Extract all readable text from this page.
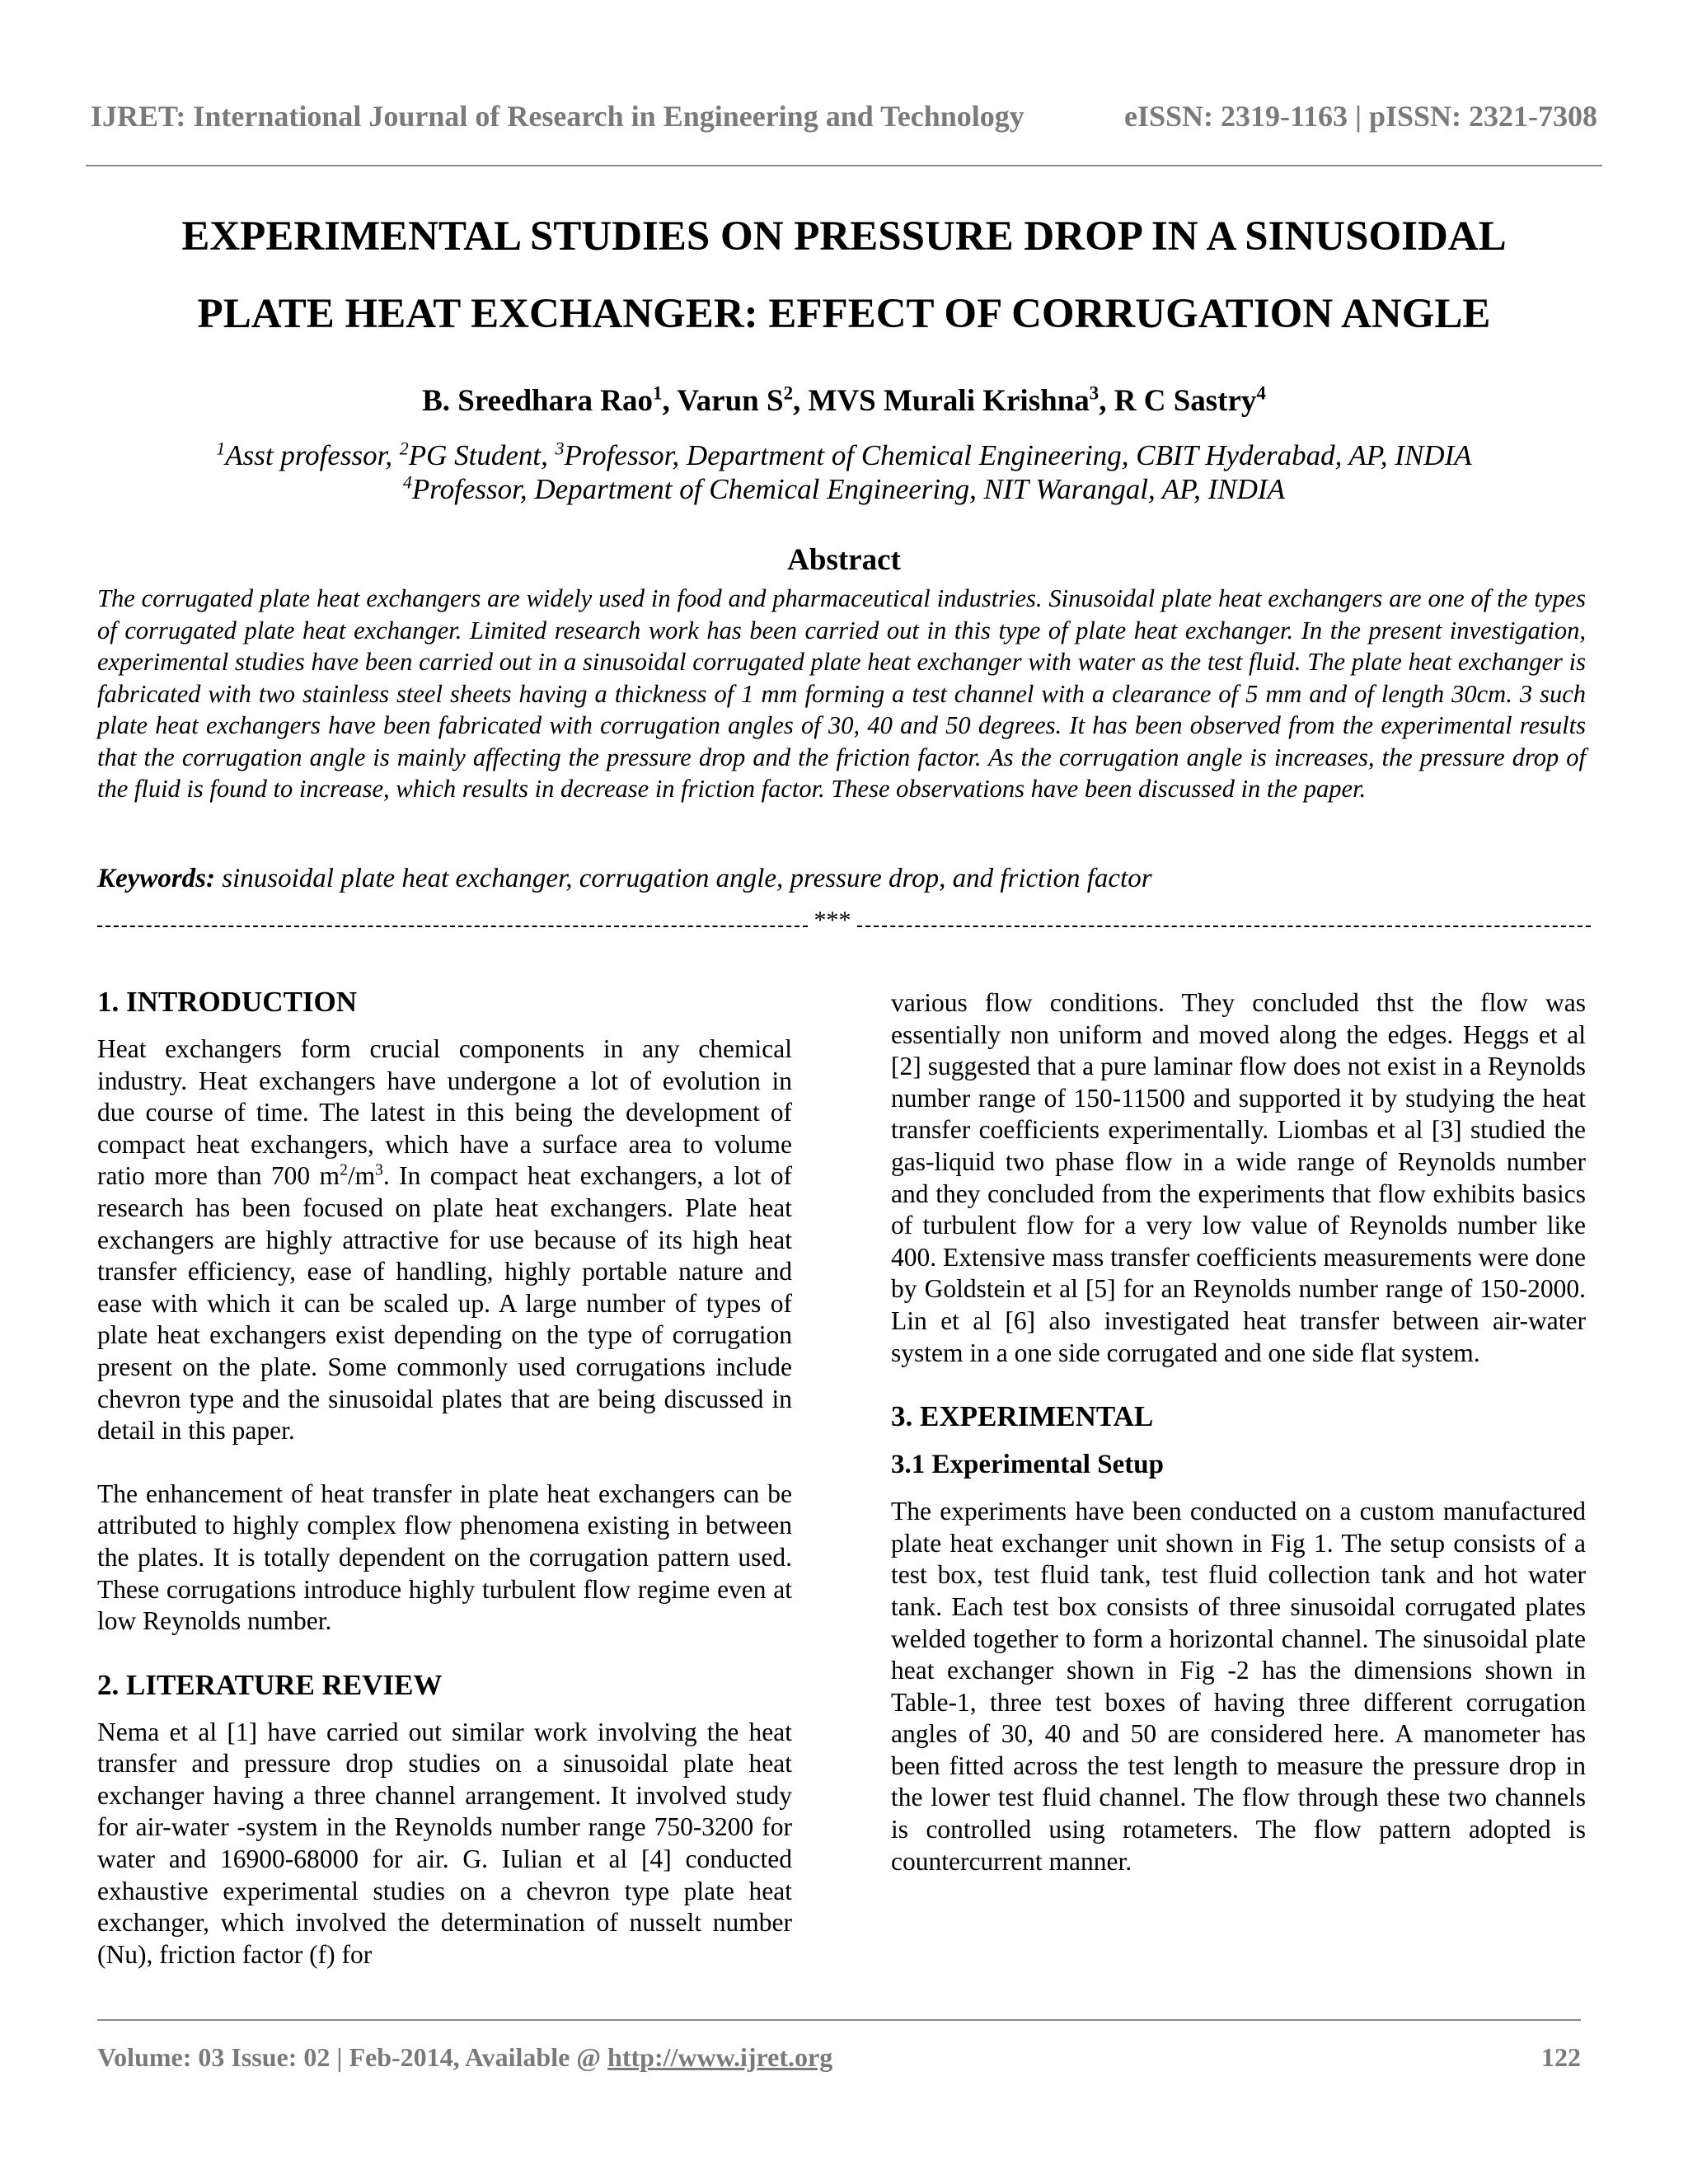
IJRET: International Journal of Research in Engineering and Technology	eISSN: 2319-1163 | pISSN: 2321-7308
EXPERIMENTAL STUDIES ON PRESSURE DROP IN A SINUSOIDAL
PLATE HEAT EXCHANGER: EFFECT OF CORRUGATION ANGLE
B. Sreedhara Rao$^1$, Varun $S^2$, MVS Murali Krishna$^3$, R C Sastry$^4$
$^1$Asst professor, $^2$PG Student, $^3$Professor, Department of Chemical Engineering, CBIT Hyderabad, AP, INDIA
$^4$Professor, Department of Chemical Engineering, NIT Warangal, AP, INDIA
Abstract
The corrugated plate heat exchangers are widely used in food and pharmaceutical industries. Sinusoidal plate heat exchangers are one of the types of corrugated plate heat exchanger. Limited research work has been carried out in this type of plate heat exchanger. In the present investigation, experimental studies have been carried out in a sinusoidal corrugated plate heat exchanger with water as the test fluid. The plate heat exchanger is fabricated with two stainless steel sheets having a thickness of 1 mm forming a test channel with a clearance of 5 mm and of length 30cm. 3 such plate heat exchangers have been fabricated with corrugation angles of 30, 40 and 50 degrees. It has been observed from the experimental results that the corrugation angle is mainly affecting the pressure drop and the friction factor. As the corrugation angle is increases, the pressure drop of the fluid is found to increase, which results in decrease in friction factor. These observations have been discussed in the paper.
Keywords: sinusoidal plate heat exchanger, corrugation angle, pressure drop, and friction factor
***
1. INTRODUCTION

Heat exchangers form crucial components in any chemical industry. Heat exchangers have undergone a lot of evolution in due course of time. The latest in this being the development of compact heat exchangers, which have a surface area to volume ratio more than 700 $m^2/m^3$. In compact heat exchangers, a lot of research has been focused on plate heat exchangers. Plate heat exchangers are highly attractive for use because of its high heat transfer efficiency, ease of handling, highly portable nature and ease with which it can be scaled up. A large number of types of plate heat exchangers exist depending on the type of corrugation present on the plate. Some commonly used corrugations include chevron type and the sinusoidal plates that are being discussed in detail in this paper.

The enhancement of heat transfer in plate heat exchangers can be attributed to highly complex flow phenomena existing in between the plates. It is totally dependent on the corrugation pattern used. These corrugations introduce highly turbulent flow regime even at low Reynolds number.

2. LITERATURE REVIEW

Nema et al [1] have carried out similar work involving the heat transfer and pressure drop studies on a sinusoidal plate heat exchanger having a three channel arrangement. It involved study for air-water -system in the Reynolds number range 750-3200 for water and 16900-68000 for air. G. Iulian et al [4] conducted exhaustive experimental studies on a chevron type plate heat exchanger, which involved the determination of nusselt number (Nu), friction factor (f) for

various flow conditions. They concluded thst the flow was essentially non uniform and moved along the edges. Heggs et al [2] suggested that a pure laminar flow does not exist in a Reynolds number range of 150-11500 and supported it by studying the heat transfer coefficients experimentally. Liombas et al [3] studied the gas-liquid two phase flow in a wide range of Reynolds number and they concluded from the experiments that flow exhibits basics of turbulent flow for a very low value of Reynolds number like 400. Extensive mass transfer coefficients measurements were done by Goldstein et al [5] for an Reynolds number range of 150-2000. Lin et al [6] also investigated heat transfer between air-water system in a one side corrugated and one side flat system.

3. EXPERIMENTAL
3.1 Experimental Setup

The experiments have been conducted on a custom manufactured plate heat exchanger unit shown in Fig 1. The setup consists of a test box, test fluid tank, test fluid collection tank and hot water tank. Each test box consists of three sinusoidal corrugated plates welded together to form a horizontal channel. The sinusoidal plate heat exchanger shown in Fig -2 has the dimensions shown in Table-1, three test boxes of having three different corrugation angles of 30, 40 and 50 are considered here. A manometer has been fitted across the test length to measure the pressure drop in the lower test fluid channel. The flow through these two channels is controlled using rotameters. The flow pattern adopted is countercurrent manner.

Volume: 03 Issue: 02 | Feb-2014, Available @ http://www.ijret.org	122
